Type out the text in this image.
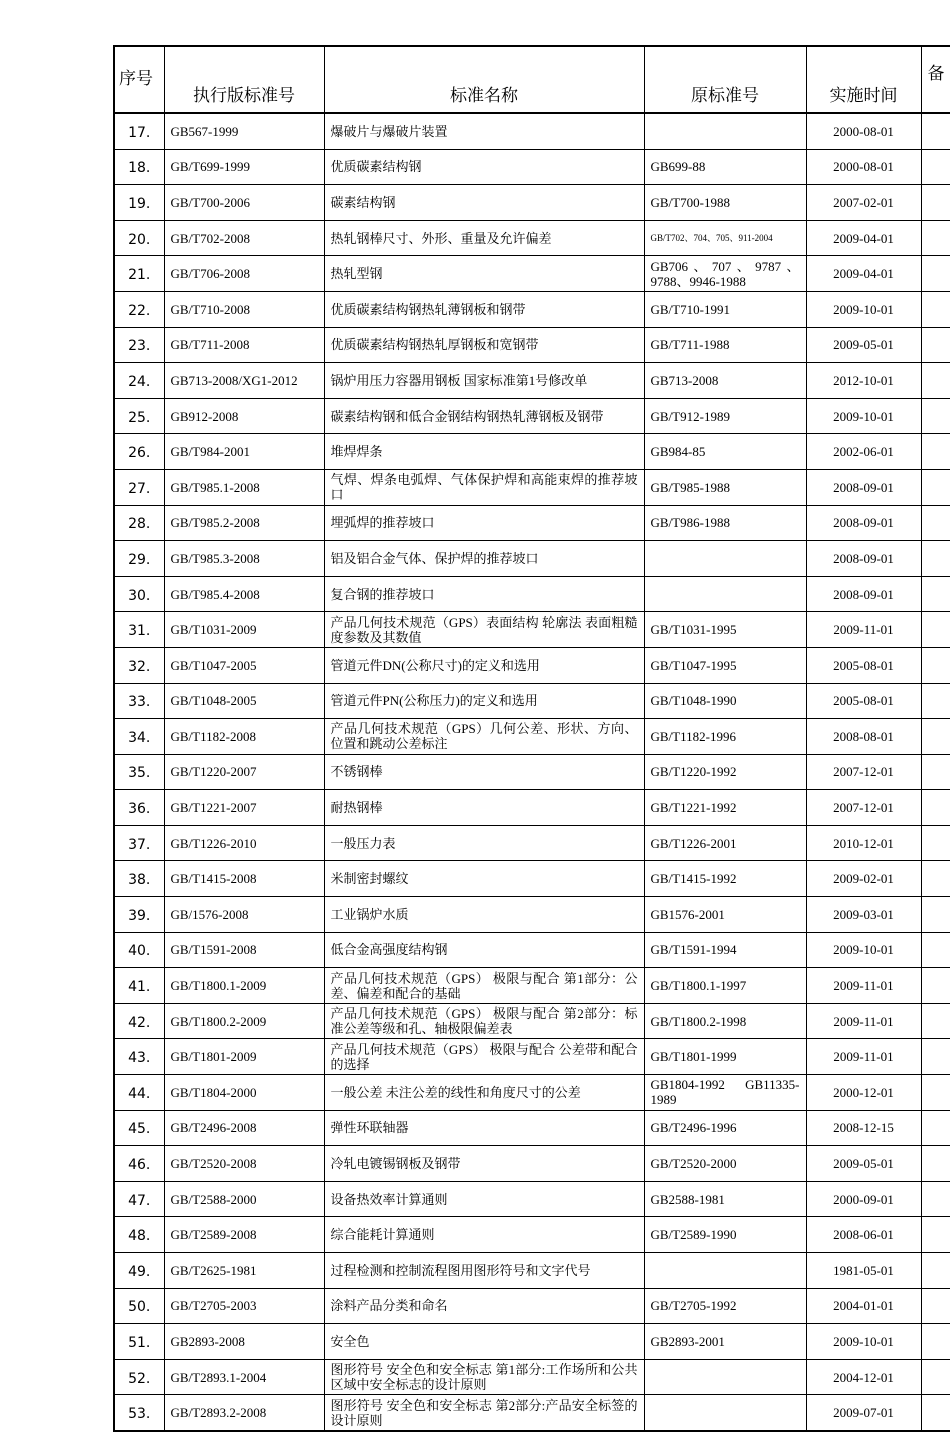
序号	执行版标准号	标准名称	原标准号	实施时间	备
17.	GB567-1999	爆破片与爆破片装置		2000-08-01	
18.	GB/T699-1999	优质碳素结构钢	GB699-88	2000-08-01	
19.	GB/T700-2006	碳素结构钢	GB/T700-1988	2007-02-01	
20.	GB/T702-2008	热轧钢棒尺寸、外形、重量及允许偏差	GB/T702、704、705、911-2004	2009-04-01	
21.	GB/T706-2008	热轧型钢	GB706、707、9787、9788、9946-1988	2009-04-01	
22.	GB/T710-2008	优质碳素结构钢热轧薄钢板和钢带	GB/T710-1991	2009-10-01	
23.	GB/T711-2008	优质碳素结构钢热轧厚钢板和宽钢带	GB/T711-1988	2009-05-01	
24.	GB713-2008/XG1-2012	锅炉用压力容器用钢板 国家标准第1号修改单	GB713-2008	2012-10-01	
25.	GB912-2008	碳素结构钢和低合金钢结构钢热轧薄钢板及钢带	GB/T912-1989	2009-10-01	
26.	GB/T984-2001	堆焊焊条	GB984-85	2002-06-01	
27.	GB/T985.1-2008	气焊、焊条电弧焊、气体保护焊和高能束焊的推荐坡口	GB/T985-1988	2008-09-01	
28.	GB/T985.2-2008	埋弧焊的推荐坡口	GB/T986-1988	2008-09-01	
29.	GB/T985.3-2008	铝及铝合金气体、保护焊的推荐坡口		2008-09-01	
30.	GB/T985.4-2008	复合钢的推荐坡口		2008-09-01	
31.	GB/T1031-2009	产品几何技术规范（GPS）表面结构 轮廓法 表面粗糙度参数及其数值	GB/T1031-1995	2009-11-01	
32.	GB/T1047-2005	管道元件DN(公称尺寸)的定义和选用	GB/T1047-1995	2005-08-01	
33.	GB/T1048-2005	管道元件PN(公称压力)的定义和选用	GB/T1048-1990	2005-08-01	
34.	GB/T1182-2008	产品几何技术规范（GPS）几何公差、形状、方向、位置和跳动公差标注	GB/T1182-1996	2008-08-01	
35.	GB/T1220-2007	不锈钢棒	GB/T1220-1992	2007-12-01	
36.	GB/T1221-2007	耐热钢棒	GB/T1221-1992	2007-12-01	
37.	GB/T1226-2010	一般压力表	GB/T1226-2001	2010-12-01	
38.	GB/T1415-2008	米制密封螺纹	GB/T1415-1992	2009-02-01	
39.	GB/1576-2008	工业锅炉水质	GB1576-2001	2009-03-01	
40.	GB/T1591-2008	低合金高强度结构钢	GB/T1591-1994	2009-10-01	
41.	GB/T1800.1-2009	产品几何技术规范（GPS） 极限与配合 第1部分：公差、偏差和配合的基础	GB/T1800.1-1997	2009-11-01	
42.	GB/T1800.2-2009	产品几何技术规范（GPS） 极限与配合 第2部分：标准公差等级和孔、轴极限偏差表	GB/T1800.2-1998	2009-11-01	
43.	GB/T1801-2009	产品几何技术规范（GPS） 极限与配合 公差带和配合的选择	GB/T1801-1999	2009-11-01	
44.	GB/T1804-2000	一般公差 未注公差的线性和角度尺寸的公差	GB1804-1992 GB11335-1989	2000-12-01	
45.	GB/T2496-2008	弹性环联轴器	GB/T2496-1996	2008-12-15	
46.	GB/T2520-2008	冷轧电镀锡钢板及钢带	GB/T2520-2000	2009-05-01	
47.	GB/T2588-2000	设备热效率计算通则	GB2588-1981	2000-09-01	
48.	GB/T2589-2008	综合能耗计算通则	GB/T2589-1990	2008-06-01	
49.	GB/T2625-1981	过程检测和控制流程图用图形符号和文字代号		1981-05-01	
50.	GB/T2705-2003	涂料产品分类和命名	GB/T2705-1992	2004-01-01	
51.	GB2893-2008	安全色	GB2893-2001	2009-10-01	
52.	GB/T2893.1-2004	图形符号 安全色和安全标志 第1部分:工作场所和公共区域中安全标志的设计原则		2004-12-01	
53.	GB/T2893.2-2008	图形符号 安全色和安全标志 第2部分:产品安全标签的设计原则		2009-07-01	
